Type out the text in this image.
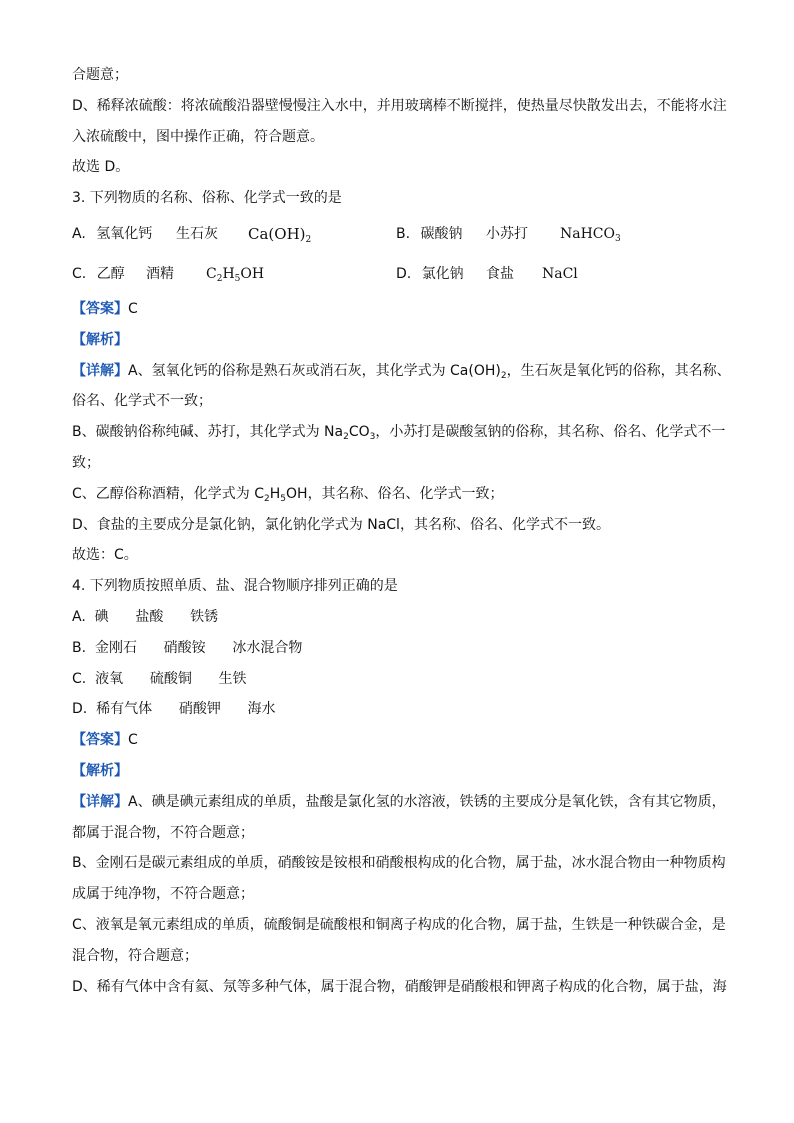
合题意；
D、稀释浓硫酸：将浓硫酸沿器壁慢慢注入水中，并用玻璃棒不断搅拌，使热量尽快散发出去，不能将水注
入浓硫酸中，图中操作正确，符合题意。
故选 D。
3. 下列物质的名称、俗称、化学式一致的是
A. 氢氧化钙 生石灰 $Ca(OH)_2$	B. 碳酸钠 小苏打 NaHCO$_3$
C. 乙醇 酒精 $C_2H_5OH$	D. 氯化钠 食盐 NaCl
【答案】C
【解析】
【详解】A、氢氧化钙的俗称是熟石灰或消石灰，其化学式为 $Ca(OH)_2$，生石灰是氧化钙的俗称，其名称、
俗名、化学式不一致；
B、碳酸钠俗称纯碱、苏打，其化学式为 $Na_2CO_3$，小苏打是碳酸氢钠的俗称，其名称、俗名、化学式不一
致；
C、乙醇俗称酒精，化学式为 $C_2H_5OH$，其名称、俗名、化学式一致；
D、食盐的主要成分是氯化钠，氯化钠化学式为 NaCl，其名称、俗名、化学式不一致。
故选：C。
4. 下列物质按照单质、盐、混合物顺序排列正确的是
A.  碘      盐酸      铁锈
B.  金刚石      硝酸铵      冰水混合物
C.  液氧      硫酸铜      生铁
D.  稀有气体      硝酸钾      海水
【答案】C
【解析】
【详解】A、碘是碘元素组成的单质，盐酸是氯化氢的水溶液，铁锈的主要成分是氧化铁，含有其它物质，
都属于混合物，不符合题意；
B、金刚石是碳元素组成的单质，硝酸铵是铵根和硝酸根构成的化合物，属于盐，冰水混合物由一种物质构
成属于纯净物，不符合题意；
C、液氧是氧元素组成的单质，硫酸铜是硫酸根和铜离子构成的化合物，属于盐，生铁是一种铁碳合金，是
混合物，符合题意；
D、稀有气体中含有氦、氖等多种气体，属于混合物，硝酸钾是硝酸根和钾离子构成的化合物，属于盐，海
